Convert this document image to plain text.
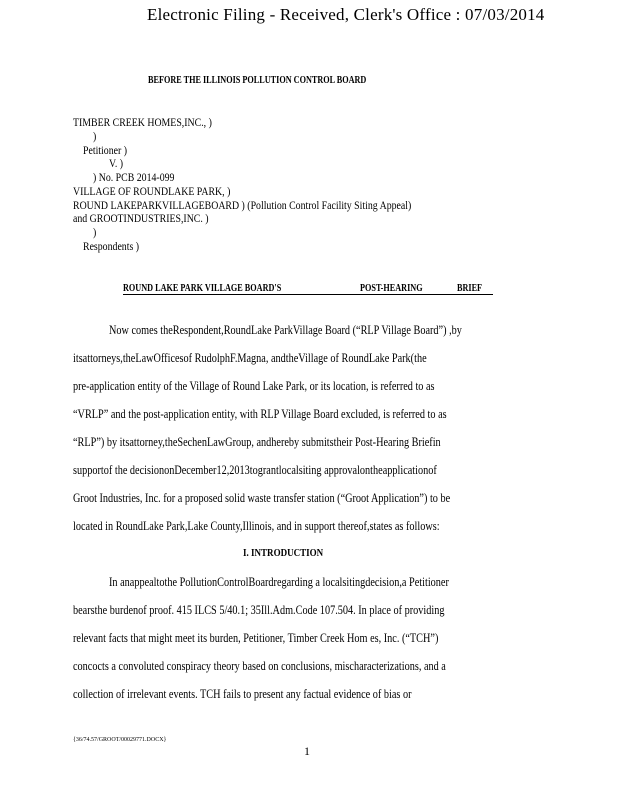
Electronic Filing - Received, Clerk's Office : 07/03/2014
BEFORE THE ILLINOIS POLLUTION CONTROL BOARD
TIMBER CREEK HOMES,INC., )
)
Petitioner )
V. )
) No. PCB 2014-099
VILLAGE OF ROUNDLAKE PARK, )
ROUND LAKEPARKVILLAGEBOARD ) (Pollution Control Facility Siting Appeal)
and GROOTINDUSTRIES,INC. )
)
Respondents )
ROUND LAKE PARK VILLAGE BOARD'S	POST-HEARING	BRIEF
Now comes theRespondent,RoundLake ParkVillage Board (“RLP Village Board”) ,by
itsattorneys,theLawOfficesof RudolphF.Magna, andtheVillage of RoundLake Park(the
pre-application entity of the Village of Round Lake Park, or its location, is referred to as
“VRLP” and the post-application entity, with RLP Village Board excluded, is referred to as
“RLP”) by itsattorney,theSechenLawGroup, andhereby submitstheir Post-Hearing Briefin
supportof the decisiononDecember12,2013tograntlocalsiting approvalontheapplicationof
Groot Industries, Inc. for a proposed solid waste transfer station (“Groot Application”) to be
located in RoundLake Park,Lake County,Illinois, and in support thereof,states as follows:
I. INTRODUCTION
In anappealtothe PollutionControlBoardregarding a localsitingdecision,a Petitioner
bearsthe burdenof proof. 415 ILCS 5/40.1; 35Ill.Adm.Code 107.504. In place of providing
relevant facts that might meet its burden, Petitioner, Timber Creek Hom es, Inc. (“TCH”)
concocts a convoluted conspiracy theory based on conclusions, mischaracterizations, and a
collection of irrelevant events. TCH fails to present any factual evidence of bias or
{36/74.57/GROOT/00029771.DOCX}
1
